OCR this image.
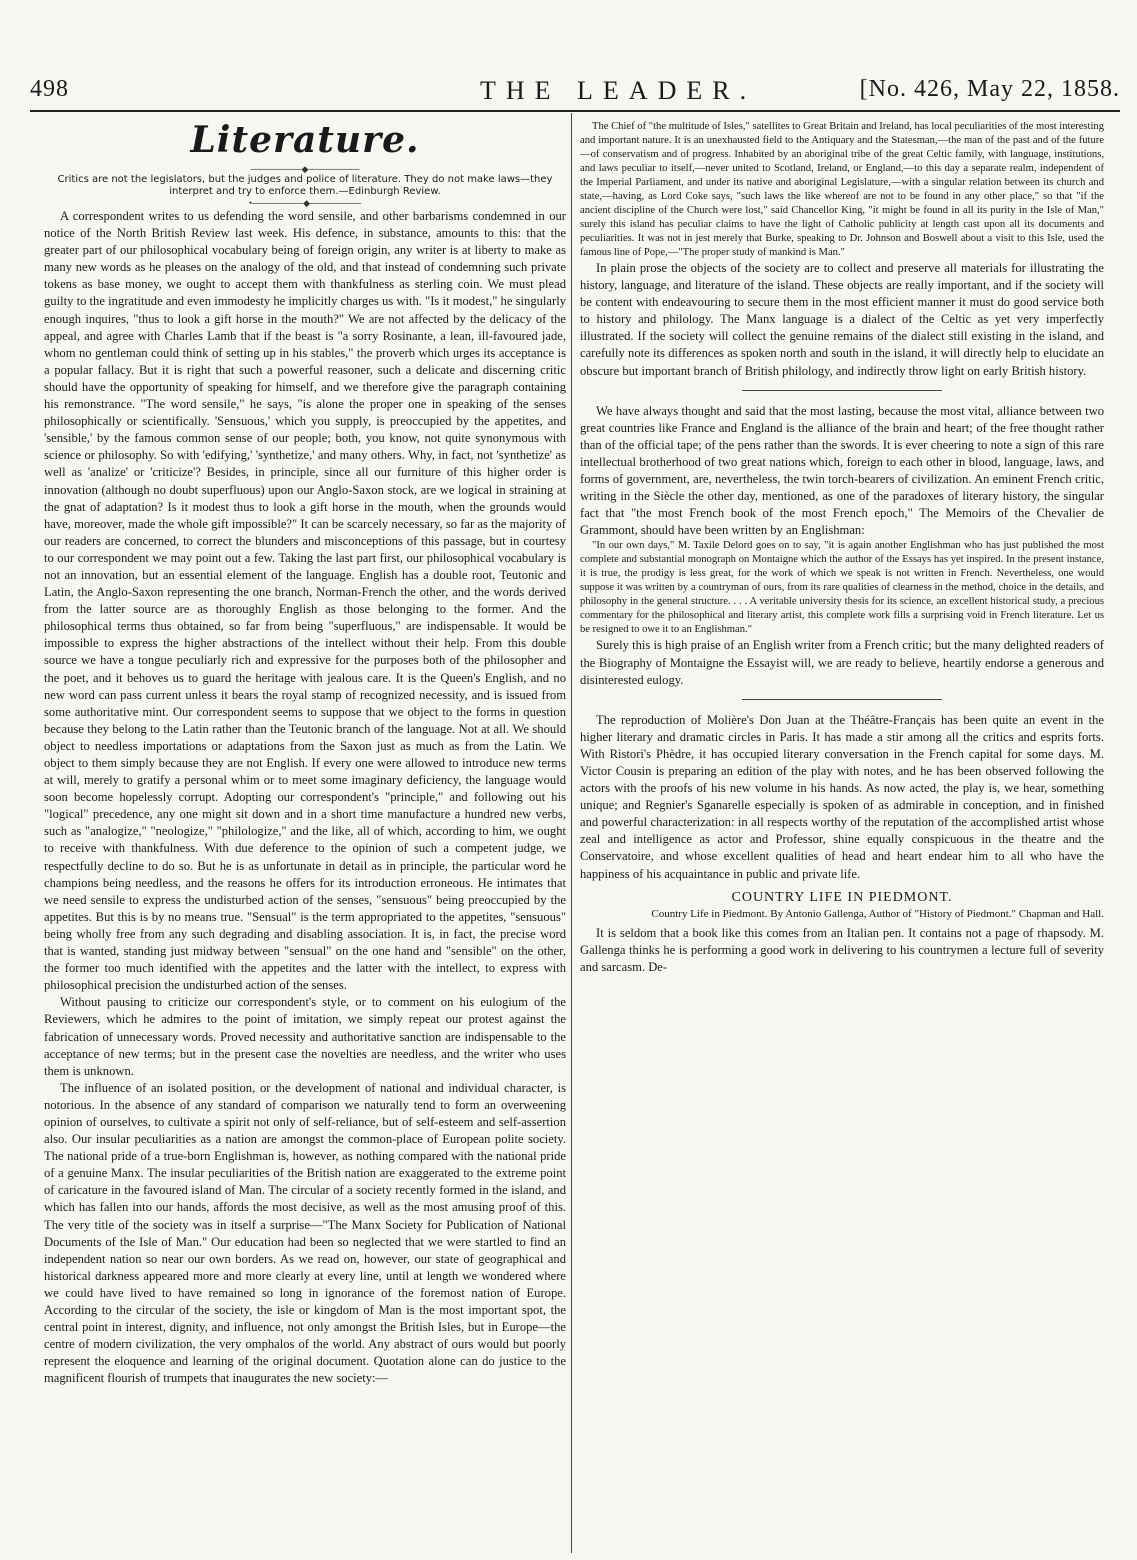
498	THE LEADER.	[No. 426, May 22, 1858.
Literature.
────────◆────────

Critics are not the legislators, but the judges and police of literature. They do not make laws—they interpret and try to enforce them.—Edinburgh Review.

•────────◆────────

A correspondent writes to us defending the word sensile, and other barbarisms condemned in our notice of the North British Review last week. His defence, in substance, amounts to this: that the greater part of our philosophical vocabulary being of foreign origin, any writer is at liberty to make as many new words as he pleases on the analogy of the old, and that instead of condemning such private tokens as base money, we ought to accept them with thankfulness as sterling coin. We must plead guilty to the ingratitude and even immodesty he implicitly charges us with. "Is it modest," he singularly enough inquires, "thus to look a gift horse in the mouth?" We are not affected by the delicacy of the appeal, and agree with Charles Lamb that if the beast is "a sorry Rosinante, a lean, ill-favoured jade, whom no gentleman could think of setting up in his stables," the proverb which urges its acceptance is a popular fallacy. But it is right that such a powerful reasoner, such a delicate and discerning critic should have the opportunity of speaking for himself, and we therefore give the paragraph containing his remonstrance. "The word sensile," he says, "is alone the proper one in speaking of the senses philosophically or scientifically. 'Sensuous,' which you supply, is preoccupied by the appetites, and 'sensible,' by the famous common sense of our people; both, you know, not quite synonymous with science or philosophy. So with 'edifying,' 'synthetize,' and many others. Why, in fact, not 'synthetize' as well as 'analize' or 'criticize'? Besides, in principle, since all our furniture of this higher order is innovation (although no doubt superfluous) upon our Anglo-Saxon stock, are we logical in straining at the gnat of adaptation? Is it modest thus to look a gift horse in the mouth, when the grounds would have, moreover, made the whole gift impossible?" It can be scarcely necessary, so far as the majority of our readers are concerned, to correct the blunders and misconceptions of this passage, but in courtesy to our correspondent we may point out a few. Taking the last part first, our philosophical vocabulary is not an innovation, but an essential element of the language. English has a double root, Teutonic and Latin, the Anglo-Saxon representing the one branch, Norman-French the other, and the words derived from the latter source are as thoroughly English as those belonging to the former. And the philosophical terms thus obtained, so far from being "superfluous," are indispensable. It would be impossible to express the higher abstractions of the intellect without their help. From this double source we have a tongue peculiarly rich and expressive for the purposes both of the philosopher and the poet, and it behoves us to guard the heritage with jealous care. It is the Queen's English, and no new word can pass current unless it bears the royal stamp of recognized necessity, and is issued from some authoritative mint. Our correspondent seems to suppose that we object to the forms in question because they belong to the Latin rather than the Teutonic branch of the language. Not at all. We should object to needless importations or adaptations from the Saxon just as much as from the Latin. We object to them simply because they are not English. If every one were allowed to introduce new terms at will, merely to gratify a personal whim or to meet some imaginary deficiency, the language would soon become hopelessly corrupt. Adopting our correspondent's "principle," and following out his "logical" precedence, any one might sit down and in a short time manufacture a hundred new verbs, such as "analogize," "neologize," "philologize," and the like, all of which, according to him, we ought to receive with thankfulness. With due deference to the opinion of such a competent judge, we respectfully decline to do so. But he is as unfortunate in detail as in principle, the particular word he champions being needless, and the reasons he offers for its introduction erroneous. He intimates that we need sensile to express the undisturbed action of the senses, "sensuous" being preoccupied by the appetites. But this is by no means true. "Sensual" is the term appropriated to the appetites, "sensuous" being wholly free from any such degrading and disabling association. It is, in fact, the precise word that is wanted, standing just midway between "sensual" on the one hand and "sensible" on the other, the former too much identified with the appetites and the latter with the intellect, to express with philosophical precision the undisturbed action of the senses.

Without pausing to criticize our correspondent's style, or to comment on his eulogium of the Reviewers, which he admires to the point of imitation, we simply repeat our protest against the fabrication of unnecessary words. Proved necessity and authoritative sanction are indispensable to the acceptance of new terms; but in the present case the novelties are needless, and the writer who uses them is unknown.

The influence of an isolated position, or the development of national and individual character, is notorious. In the absence of any standard of comparison we naturally tend to form an overweening opinion of ourselves, to cultivate a spirit not only of self-reliance, but of self-esteem and self-assertion also. Our insular peculiarities as a nation are amongst the common-place of European polite society. The national pride of a true-born Englishman is, however, as nothing compared with the national pride of a genuine Manx. The insular peculiarities of the British nation are exaggerated to the extreme point of caricature in the favoured island of Man. The circular of a society recently formed in the island, and which has fallen into our hands, affords the most decisive, as well as the most amusing proof of this. The very title of the society was in itself a surprise—"The Manx Society for Publication of National Documents of the Isle of Man." Our education had been so neglected that we were startled to find an independent nation so near our own borders. As we read on, however, our state of geographical and historical darkness appeared more and more clearly at every line, until at length we wondered where we could have lived to have remained so long in ignorance of the foremost nation of Europe. According to the circular of the society, the isle or kingdom of Man is the most important spot, the central point in interest, dignity, and influence, not only amongst the British Isles, but in Europe—the centre of modern civilization, the very omphalos of the world. Any abstract of ours would but poorly represent the eloquence and learning of the original document. Quotation alone can do justice to the magnificent flourish of trumpets that inaugurates the new society:—

The Chief of "the multitude of Isles," satellites to Great Britain and Ireland, has local peculiarities of the most interesting and important nature. It is an unexhausted field to the Antiquary and the Statesman,—the man of the past and of the future—of conservatism and of progress. Inhabited by an aboriginal tribe of the great Celtic family, with language, institutions, and laws peculiar to itself,—never united to Scotland, Ireland, or England,—to this day a separate realm, independent of the Imperial Parliament, and under its native and aboriginal Legislature,—with a singular relation between its church and state,—having, as Lord Coke says, "such laws the like whereof are not to be found in any other place," so that "if the ancient discipline of the Church were lost," said Chancellor King, "it might be found in all its purity in the Isle of Man," surely this island has peculiar claims to have the light of Catholic publicity at length cast upon all its documents and peculiarities. It was not in jest merely that Burke, speaking to Dr. Johnson and Boswell about a visit to this Isle, used the famous line of Pope,—"The proper study of mankind is Man."

In plain prose the objects of the society are to collect and preserve all materials for illustrating the history, language, and literature of the island. These objects are really important, and if the society will be content with endeavouring to secure them in the most efficient manner it must do good service both to history and philology. The Manx language is a dialect of the Celtic as yet very imperfectly illustrated. If the society will collect the genuine remains of the dialect still existing in the island, and carefully note its differences as spoken north and south in the island, it will directly help to elucidate an obscure but important branch of British philology, and indirectly throw light on early British history.

We have always thought and said that the most lasting, because the most vital, alliance between two great countries like France and England is the alliance of the brain and heart; of the free thought rather than of the official tape; of the pens rather than the swords. It is ever cheering to note a sign of this rare intellectual brotherhood of two great nations which, foreign to each other in blood, language, laws, and forms of government, are, nevertheless, the twin torch-bearers of civilization. An eminent French critic, writing in the Siècle the other day, mentioned, as one of the paradoxes of literary history, the singular fact that "the most French book of the most French epoch," The Memoirs of the Chevalier de Grammont, should have been written by an Englishman:

"In our own days," M. Taxile Delord goes on to say, "it is again another Englishman who has just published the most complete and substantial monograph on Montaigne which the author of the Essays has yet inspired. In the present instance, it is true, the prodigy is less great, for the work of which we speak is not written in French. Nevertheless, one would suppose it was written by a countryman of ours, from its rare qualities of clearness in the method, choice in the details, and philosophy in the general structure. . . . A veritable university thesis for its science, an excellent historical study, a precious commentary for the philosophical and literary artist, this complete work fills a surprising void in French literature. Let us be resigned to owe it to an Englishman."

Surely this is high praise of an English writer from a French critic; but the many delighted readers of the Biography of Montaigne the Essayist will, we are ready to believe, heartily endorse a generous and disinterested eulogy.

The reproduction of Molière's Don Juan at the Théâtre-Français has been quite an event in the higher literary and dramatic circles in Paris. It has made a stir among all the critics and esprits forts. With Ristori's Phèdre, it has occupied literary conversation in the French capital for some days. M. Victor Cousin is preparing an edition of the play with notes, and he has been observed following the actors with the proofs of his new volume in his hands. As now acted, the play is, we hear, something unique; and Regnier's Sganarelle especially is spoken of as admirable in conception, and in finished and powerful characterization: in all respects worthy of the reputation of the accomplished artist whose zeal and intelligence as actor and Professor, shine equally conspicuous in the theatre and the Conservatoire, and whose excellent qualities of head and heart endear him to all who have the happiness of his acquaintance in public and private life.

COUNTRY LIFE IN PIEDMONT.
Country Life in Piedmont. By Antonio Gallenga, Author of "History of Piedmont." Chapman and Hall.

It is seldom that a book like this comes from an Italian pen. It contains not a page of rhapsody. M. Gallenga thinks he is performing a good work in delivering to his countrymen a lecture full of severity and sarcasm. De-
